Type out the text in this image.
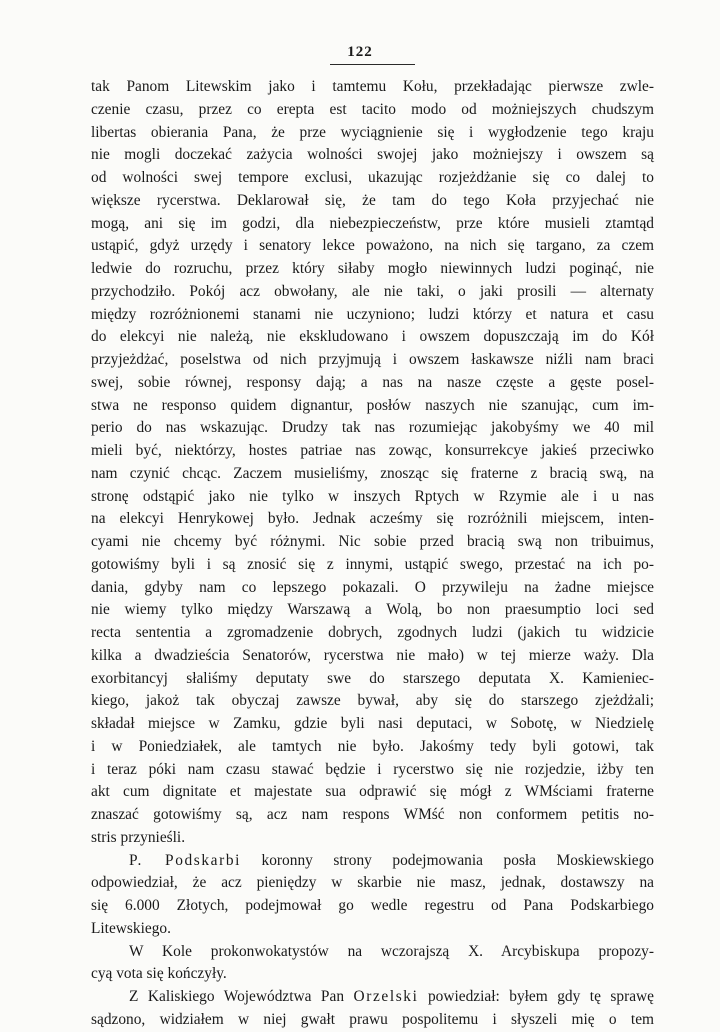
122
tak Panom Litewskim jako i tamtemu Kołu, przekładając pierwsze zwle-
czenie czasu, przez co erepta est tacito modo od możniejszych chudszym
libertas obierania Pana, że prze wyciągnienie się i wygłodzenie tego kraju
nie mogli doczekać zażycia wolności swojej jako możniejszy i owszem są
od wolności swej tempore exclusi, ukazując rozjeżdżanie się co dalej to
większe rycerstwa. Deklarował się, że tam do tego Koła przyjechać nie
mogą, ani się im godzi, dla niebezpieczeństw, prze które musieli ztamtąd
ustąpić, gdyż urzędy i senatory lekce poważono, na nich się targano, za czem
ledwie do rozruchu, przez który siłaby mogło niewinnych ludzi poginąć, nie
przychodziło. Pokój acz obwołany, ale nie taki, o jaki prosili — alternaty
między rozróżnionemi stanami nie uczyniono; ludzi którzy et natura et casu
do elekcyi nie należą, nie ekskludowano i owszem dopuszczają im do Kół
przyjeżdżać, poselstwa od nich przyjmują i owszem łaskawsze niźli nam braci
swej, sobie równej, responsy dają; a nas na nasze częste a gęste posel-
stwa ne responso quidem dignantur, posłów naszych nie szanując, cum im-
perio do nas wskazując. Drudzy tak nas rozumiejąc jakobyśmy we 40 mil
mieli być, niektórzy, hostes patriae nas zowąc, konsurrekcye jakieś przeciwko
nam czynić chcąc. Zaczem musieliśmy, znosząc się fraterne z bracią swą, na
stronę odstąpić jako nie tylko w inszych Rptych w Rzymie ale i u nas
na elekcyi Henrykowej było. Jednak acześmy się rozróżnili miejscem, inten-
cyami nie chcemy być różnymi. Nic sobie przed bracią swą non tribuimus,
gotowiśmy byli i są znosić się z innymi, ustąpić swego, przestać na ich po-
dania, gdyby nam co lepszego pokazali. O przywileju na żadne miejsce
nie wiemy tylko między Warszawą a Wolą, bo non praesumptio loci sed
recta sententia a zgromadzenie dobrych, zgodnych ludzi (jakich tu widzicie
kilka a dwadzieścia Senatorów, rycerstwa nie mało) w tej mierze waży. Dla
exorbitancyj słaliśmy deputaty swe do starszego deputata X. Kamieniec-
kiego, jakoż tak obyczaj zawsze bywał, aby się do starszego zjeżdżali;
składał miejsce w Zamku, gdzie byli nasi deputaci, w Sobotę, w Niedzielę
i w Poniedziałek, ale tamtych nie było. Jakośmy tedy byli gotowi, tak
i teraz póki nam czasu stawać będzie i rycerstwo się nie rozjedzie, iżby ten
akt cum dignitate et majestate sua odprawić się mógł z WMściami fraterne
znaszać gotowiśmy są, acz nam respons WMść non conformem petitis no-
stris przynieśli.
P. Podskarbi koronny strony podejmowania posła Moskiewskiego
odpowiedział, że acz pieniędzy w skarbie nie masz, jednak, dostawszy na
się 6.000 Złotych, podejmował go wedle regestru od Pana Podskarbiego
Litewskiego.
W Kole prokonwokatystów na wczorajszą X. Arcybiskupa propozy-
cyą vota się kończyły.
Z Kaliskiego Województwa Pan Orzelski powiedział: byłem gdy tę sprawę
sądzono, widziałem w niej gwałt prawu pospolitemu i słyszeli mię o tem
